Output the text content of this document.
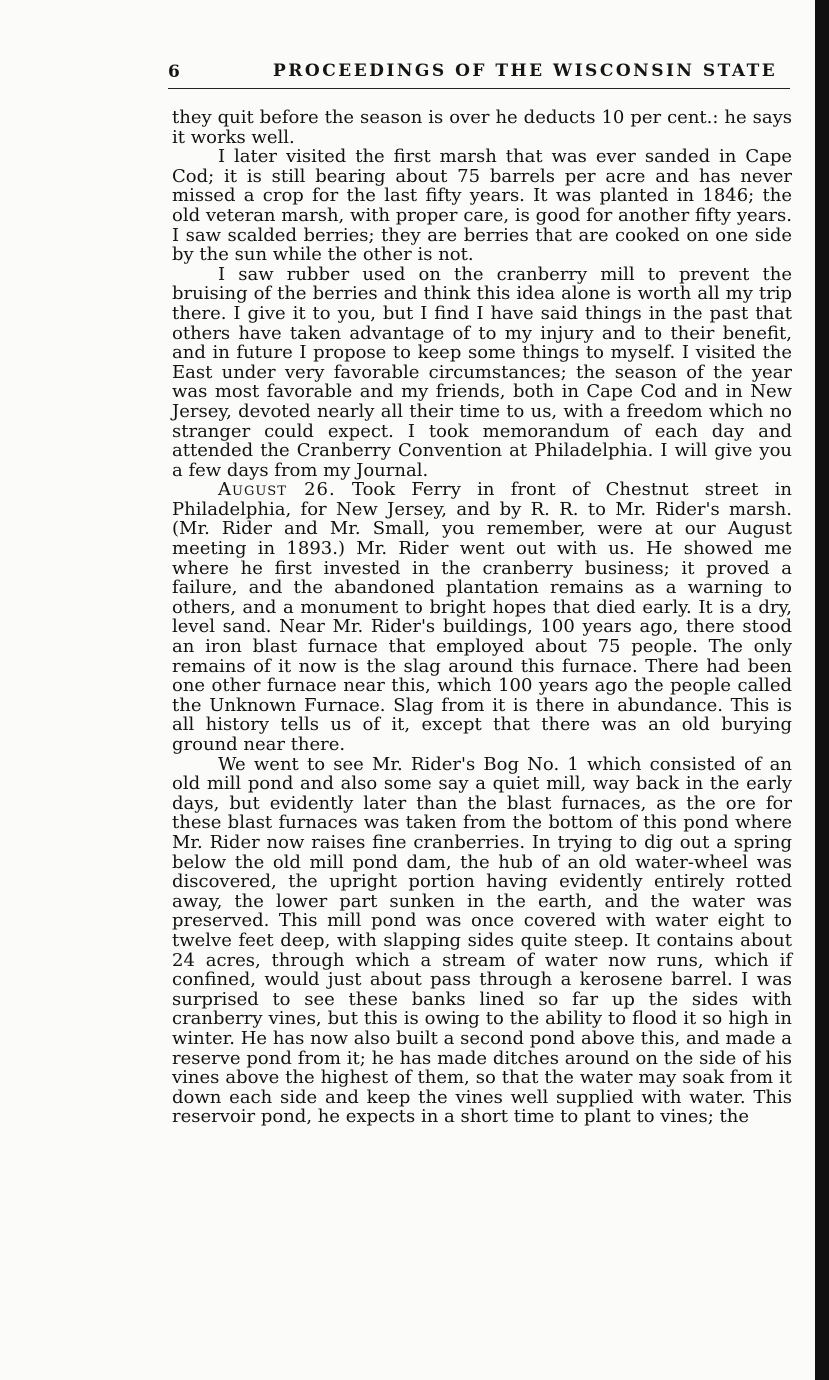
6	PROCEEDINGS OF THE WISCONSIN STATE

they quit before the season is over he deducts 10 per cent.: he says it works well.

I later visited the first marsh that was ever sanded in Cape Cod; it is still bearing about 75 barrels per acre and has never missed a crop for the last fifty years. It was planted in 1846; the old veteran marsh, with proper care, is good for another fifty years. I saw scalded berries; they are berries that are cooked on one side by the sun while the other is not.

I saw rubber used on the cranberry mill to prevent the bruising of the berries and think this idea alone is worth all my trip there. I give it to you, but I find I have said things in the past that others have taken advantage of to my injury and to their benefit, and in future I propose to keep some things to myself. I visited the East under very favorable circumstances; the season of the year was most favorable and my friends, both in Cape Cod and in New Jersey, devoted nearly all their time to us, with a freedom which no stranger could expect. I took memorandum of each day and attended the Cranberry Convention at Philadelphia. I will give you a few days from my Journal.

August 26. Took Ferry in front of Chestnut street in Philadelphia, for New Jersey, and by R. R. to Mr. Rider's marsh. (Mr. Rider and Mr. Small, you remember, were at our August meeting in 1893.) Mr. Rider went out with us. He showed me where he first invested in the cranberry business; it proved a failure, and the abandoned plantation remains as a warning to others, and a monument to bright hopes that died early. It is a dry, level sand. Near Mr. Rider's buildings, 100 years ago, there stood an iron blast furnace that employed about 75 people. The only remains of it now is the slag around this furnace. There had been one other furnace near this, which 100 years ago the people called the Unknown Furnace. Slag from it is there in abundance. This is all history tells us of it, except that there was an old burying ground near there.

We went to see Mr. Rider's Bog No. 1 which consisted of an old mill pond and also some say a quiet mill, way back in the early days, but evidently later than the blast furnaces, as the ore for these blast furnaces was taken from the bottom of this pond where Mr. Rider now raises fine cranberries. In trying to dig out a spring below the old mill pond dam, the hub of an old water-wheel was discovered, the upright portion having evidently entirely rotted away, the lower part sunken in the earth, and the water was preserved. This mill pond was once covered with water eight to twelve feet deep, with slapping sides quite steep. It contains about 24 acres, through which a stream of water now runs, which if confined, would just about pass through a kerosene barrel. I was surprised to see these banks lined so far up the sides with cranberry vines, but this is owing to the ability to flood it so high in winter. He has now also built a second pond above this, and made a reserve pond from it; he has made ditches around on the side of his vines above the highest of them, so that the water may soak from it down each side and keep the vines well supplied with water. This reservoir pond, he expects in a short time to plant to vines; the
